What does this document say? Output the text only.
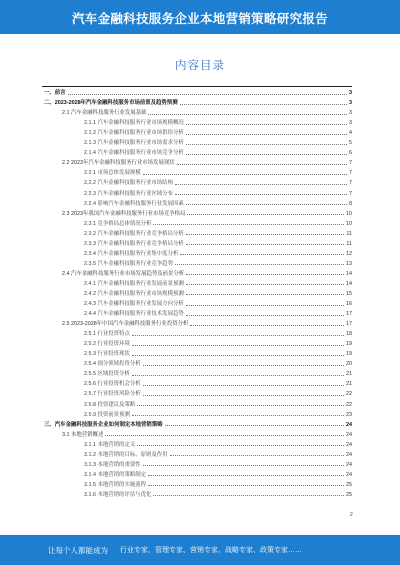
汽车金融科技服务企业本地营销策略研究报告
内容目录
一、前言	3
二、2023-2028年汽车金融科技服务市场前景及趋势预测	3
2.1 汽车金融科技服务行业发展基础	3
2.1.1 汽车金融科技服务行业市场规模概况	3
2.1.2 汽车金融科技服务行业市场供给分析	4
2.1.3 汽车金融科技服务行业市场需求分析	5
2.1.4 汽车金融科技服务行业市场竞争分析	6
2.2 2023年汽车金融科技服务行业市场发展现状	7
2.2.1 市场总体发展规模	7
2.2.2 汽车金融科技服务行业市场结构	7
2.2.3 汽车金融科技服务行业区域分布	7
2.2.4 影响汽车金融科技服务行业发展因素	8
2.3 2023年我国汽车金融科技服务行业市场竞争格局	10
2.3.1 竞争格局总体情况分析	10
2.3.2 汽车金融科技服务行业竞争格局分析	11
2.3.3 汽车金融科技服务行业竞争格局分析	11
2.3.4 汽车金融科技服务行业集中度分析	12
2.3.5 汽车金融科技服务行业竞争趋势	13
2.4 汽车金融科技服务行业市场发展趋势及前景分析	14
2.4.1 汽车金融科技服务行业发展前景预测	14
2.4.2 汽车金融科技服务行业市场规模预测	15
2.4.3 汽车金融科技服务行业发展方向分析	16
2.4.4 汽车金融科技服务行业技术发展趋势	17
2.5 2023-2028年中国汽车金融科技服务行业投资分析	17
2.5.1 行业投资特点	18
2.5.2 行业投资环境	19
2.5.3 行业投资现状	19
2.5.4 细分领域投资分析	20
2.5.5 区域投资分析	21
2.5.6 行业投资机会分析	21
2.5.7 行业投资风险分析	22
2.5.8 投资建议及策略	22
2.5.9 投资前景预测	23
三、汽车金融科技服务企业如何制定本地营销策略	24
3.1 本地营销概述	24
3.1.1 本地营销的定义	24
3.1.2 本地营销的目标、原则及作用	24
3.1.3 本地营销的重要性	24
3.1.4 本地营销的策略制定	24
3.1.5 本地营销的实施流程	25
3.1.6 本地营销的评估与优化	25
2
让每个人都能成为 行业专家、管理专家、营销专家、战略专家、政策专家……
